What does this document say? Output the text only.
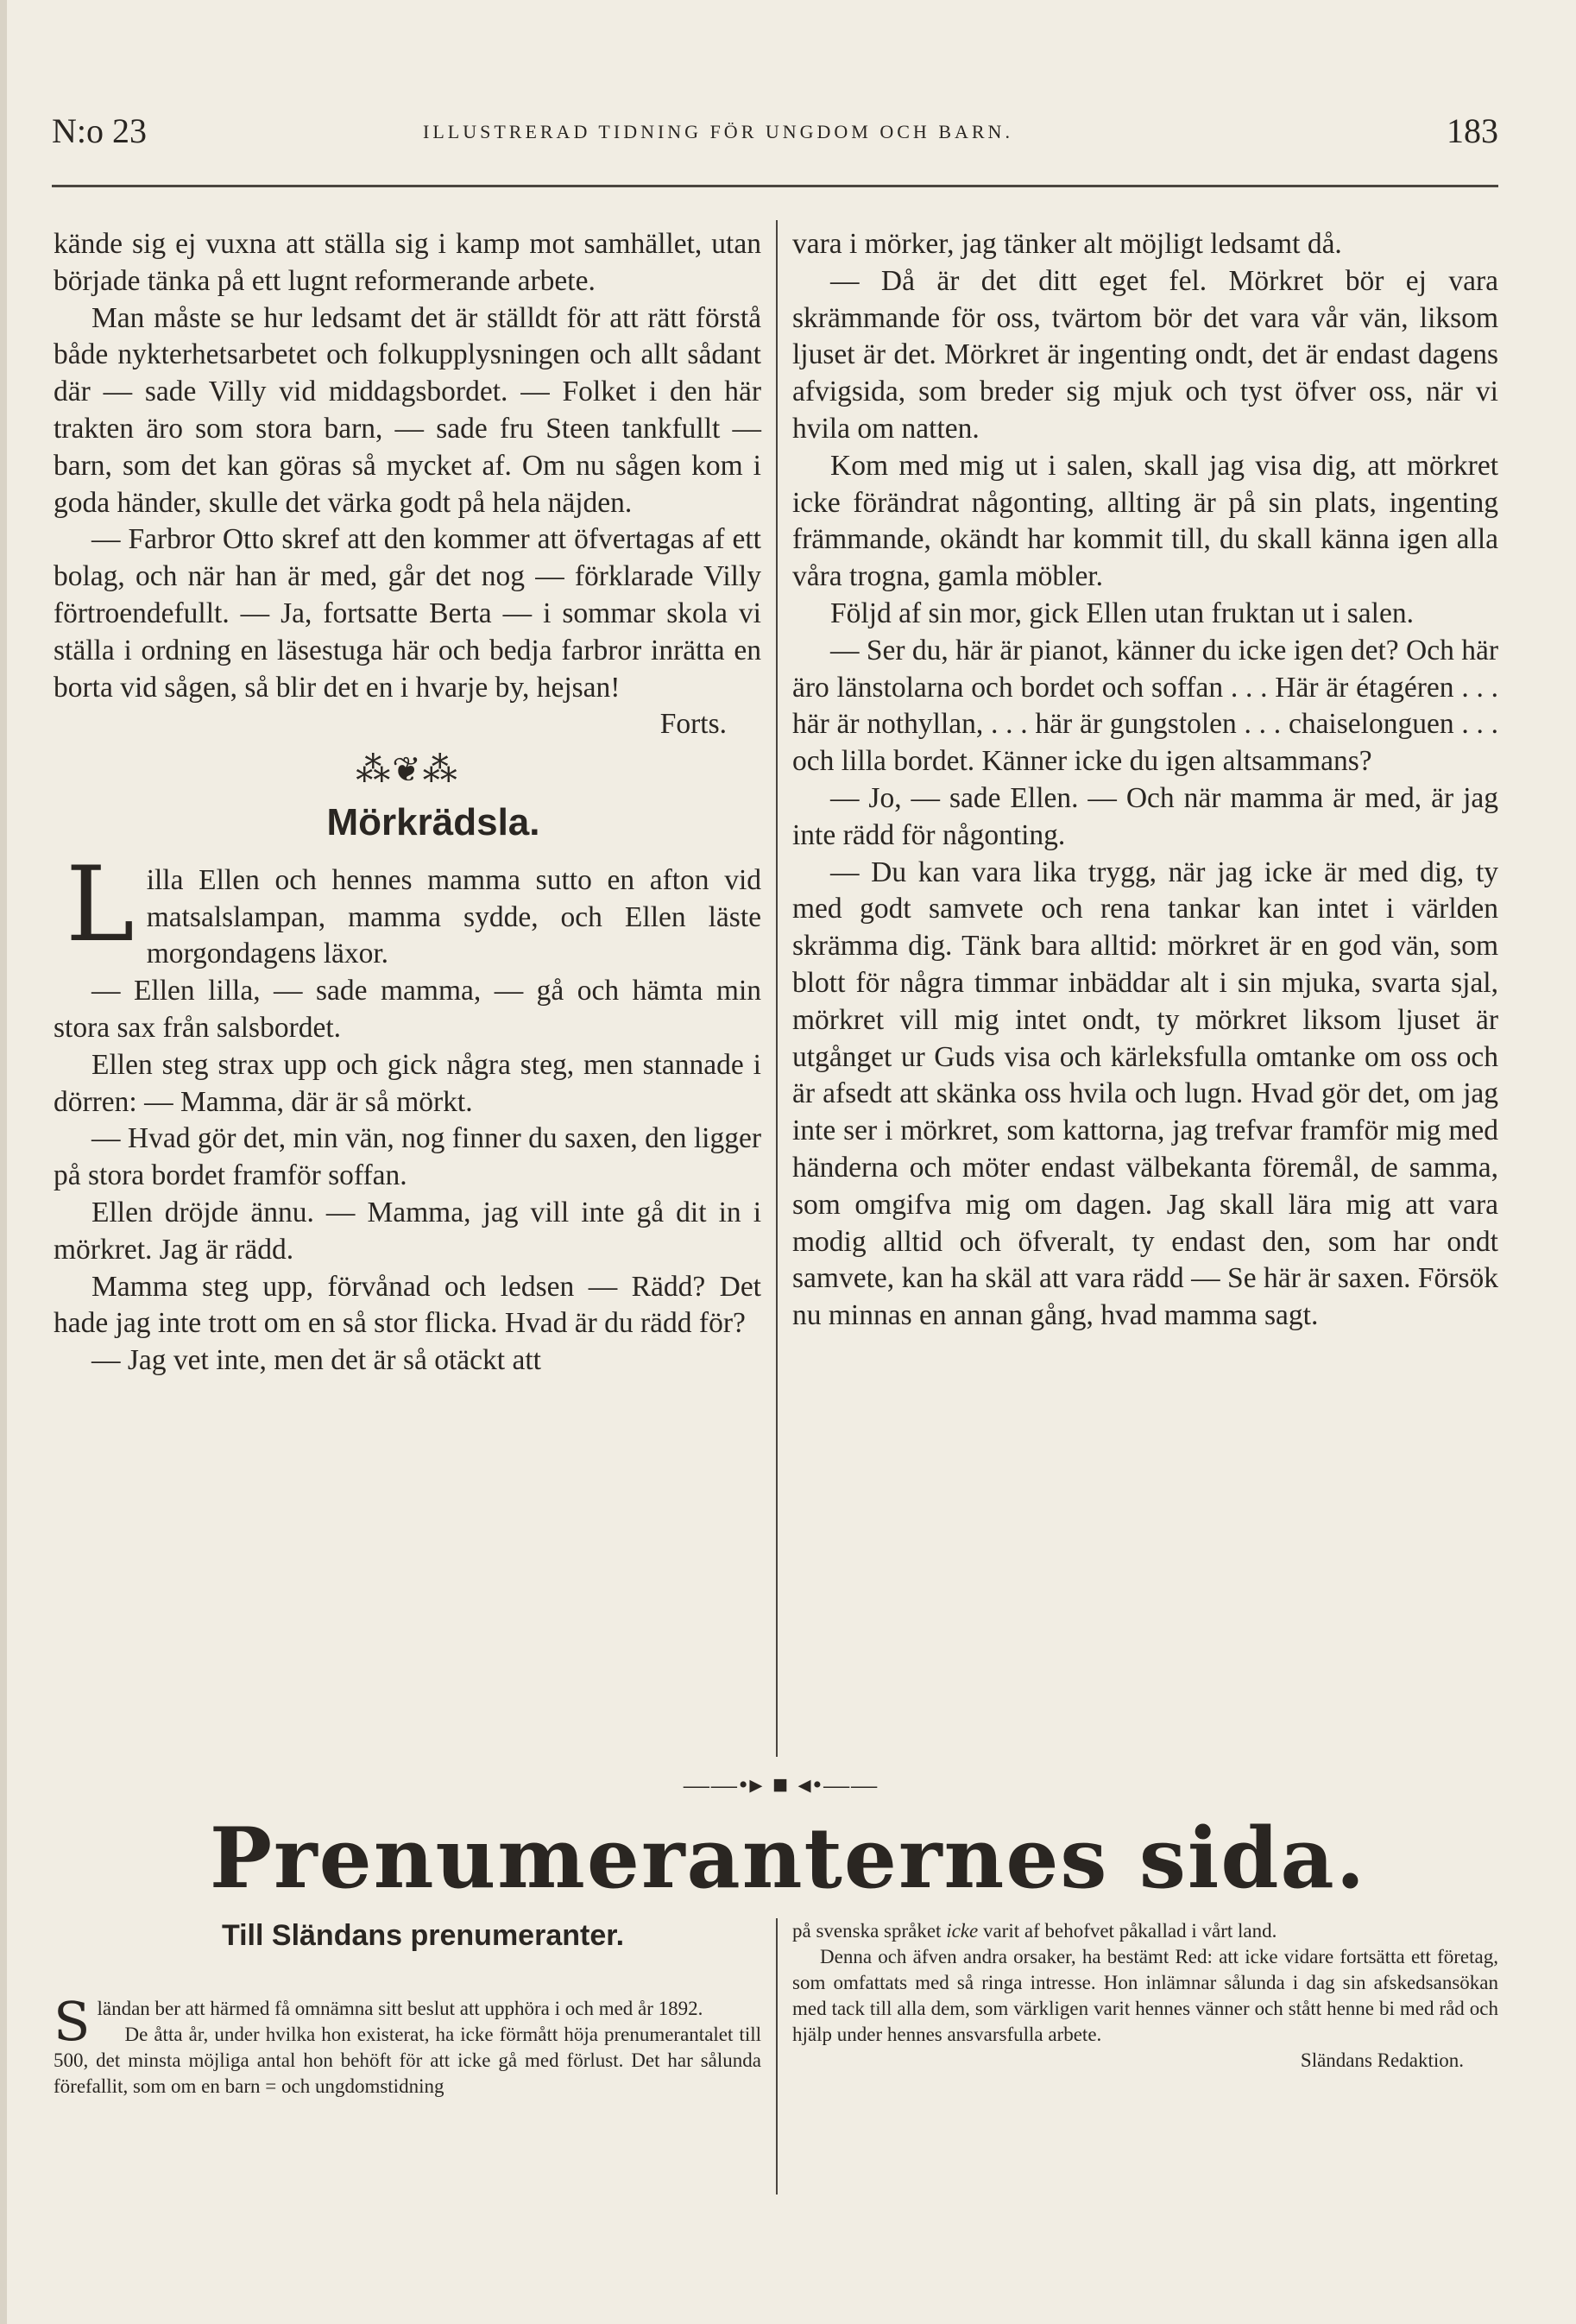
N:o 23	ILLUSTRERAD TIDNING FÖR UNGDOM OCH BARN.	183

kände sig ej vuxna att ställa sig i kamp mot samhället, utan började tänka på ett lugnt reformerande arbete.

Man måste se hur ledsamt det är ställdt för att rätt förstå både nykterhetsarbetet och folkupplysningen och allt sådant där — sade Villy vid middagsbordet. — Folket i den här trakten äro som stora barn, — sade fru Steen tankfullt — barn, som det kan göras så mycket af. Om nu sågen kom i goda händer, skulle det värka godt på hela näjden.

— Farbror Otto skref att den kommer att öfvertagas af ett bolag, och när han är med, går det nog — förklarade Villy förtroendefullt. — Ja, fortsatte Berta — i sommar skola vi ställa i ordning en läsestuga här och bedja farbror inrätta en borta vid sågen, så blir det en i hvarje by, hejsan!

Forts.

⁂❦⁂
Mörkrädsla.

Lilla Ellen och hennes mamma sutto en afton vid matsalslampan, mamma sydde, och Ellen läste morgondagens läxor.

— Ellen lilla, — sade mamma, — gå och hämta min stora sax från salsbordet.

Ellen steg strax upp och gick några steg, men stannade i dörren: — Mamma, där är så mörkt.

— Hvad gör det, min vän, nog finner du saxen, den ligger på stora bordet framför soffan.

Ellen dröjde ännu. — Mamma, jag vill inte gå dit in i mörkret. Jag är rädd.

Mamma steg upp, förvånad och ledsen — Rädd? Det hade jag inte trott om en så stor flicka. Hvad är du rädd för?

— Jag vet inte, men det är så otäckt att

vara i mörker, jag tänker alt möjligt ledsamt då.

— Då är det ditt eget fel. Mörkret bör ej vara skrämmande för oss, tvärtom bör det vara vår vän, liksom ljuset är det. Mörkret är ingenting ondt, det är endast dagens afvigsida, som breder sig mjuk och tyst öfver oss, när vi hvila om natten.

Kom med mig ut i salen, skall jag visa dig, att mörkret icke förändrat någonting, allting är på sin plats, ingenting främmande, okändt har kommit till, du skall känna igen alla våra trogna, gamla möbler.

Följd af sin mor, gick Ellen utan fruktan ut i salen.

— Ser du, här är pianot, känner du icke igen det? Och här äro länstolarna och bordet och soffan . . . Här är étagéren . . . här är nothyllan, . . . här är gungstolen . . . chaiselonguen . . . och lilla bordet. Känner icke du igen altsammans?

— Jo, — sade Ellen. — Och när mamma är med, är jag inte rädd för någonting.

— Du kan vara lika trygg, när jag icke är med dig, ty med godt samvete och rena tankar kan intet i världen skrämma dig. Tänk bara alltid: mörkret är en god vän, som blott för några timmar inbäddar alt i sin mjuka, svarta sjal, mörkret vill mig intet ondt, ty mörkret liksom ljuset är utgånget ur Guds visa och kärleksfulla omtanke om oss och är afsedt att skänka oss hvila och lugn. Hvad gör det, om jag inte ser i mörkret, som kattorna, jag trefvar framför mig med händerna och möter endast välbekanta föremål, de samma, som omgifva mig om dagen. Jag skall lära mig att vara modig alltid och öfveralt, ty endast den, som har ondt samvete, kan ha skäl att vara rädd — Se här är saxen. Försök nu minnas en annan gång, hvad mamma sagt.

——•▸ ■ ◂•——
Prenumeranternes sida.
Till Sländans prenumeranter.

Sländan ber att härmed få omnämna sitt beslut att upphöra i och med år 1892.

De åtta år, under hvilka hon existerat, ha icke förmått höja prenumerantalet till 500, det minsta möjliga antal hon behöft för att icke gå med förlust. Det har sålunda förefallit, som om en barn = och ungdomstidning

på svenska språket icke varit af behofvet påkallad i vårt land.

Denna och äfven andra orsaker, ha bestämt Red: att icke vidare fortsätta ett företag, som omfattats med så ringa intresse. Hon inlämnar sålunda i dag sin afskedsansökan med tack till alla dem, som värkligen varit hennes vänner och stått henne bi med råd och hjälp under hennes ansvarsfulla arbete.

Sländans Redaktion.
